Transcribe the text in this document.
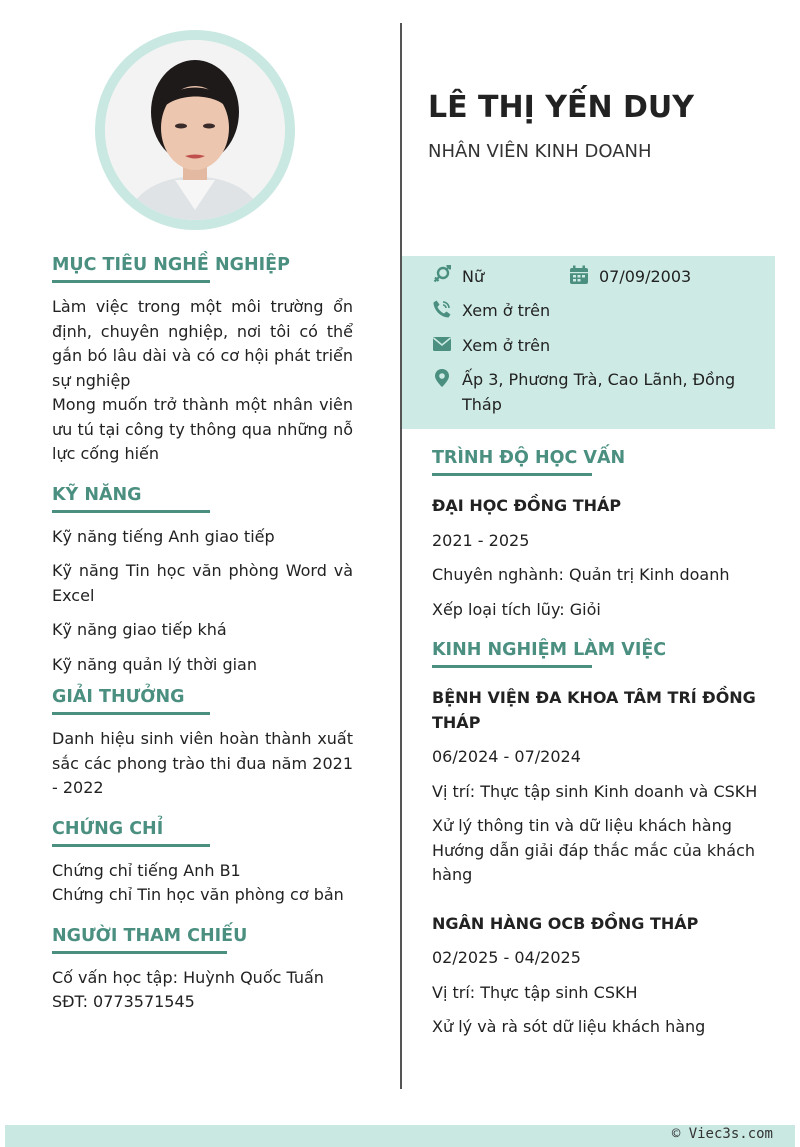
LÊ THỊ YẾN DUY
NHÂN VIÊN KINH DOANH
Nữ	07/09/2003
Xem ở trên
Xem ở trên
Ấp 3, Phương Trà, Cao Lãnh, Đồng Tháp
MỤC TIÊU NGHỀ NGHIỆP
Làm việc trong một môi trường ổn định, chuyên nghiệp, nơi tôi có thể gắn bó lâu dài và có cơ hội phát triển sự nghiệp
Mong muốn trở thành một nhân viên ưu tú tại công ty thông qua những nỗ lực cống hiến
KỸ NĂNG
Kỹ năng tiếng Anh giao tiếp
Kỹ năng Tin học văn phòng Word và Excel
Kỹ năng giao tiếp khá
Kỹ năng quản lý thời gian
GIẢI THƯỞNG
Danh hiệu sinh viên hoàn thành xuất sắc các phong trào thi đua năm 2021 - 2022
CHỨNG CHỈ
Chứng chỉ tiếng Anh B1
Chứng chỉ Tin học văn phòng cơ bản
NGƯỜI THAM CHIẾU
Cố vấn học tập: Huỳnh Quốc Tuấn
SĐT: 0773571545
TRÌNH ĐỘ HỌC VẤN
ĐẠI HỌC ĐỒNG THÁP
2021 - 2025
Chuyên nghành: Quản trị Kinh doanh
Xếp loại tích lũy: Giỏi
KINH NGHIỆM LÀM VIỆC
BỆNH VIỆN ĐA KHOA TÂM TRÍ ĐỒNG THÁP
06/2024 - 07/2024
Vị trí: Thực tập sinh Kinh doanh và CSKH
Xử lý thông tin và dữ liệu khách hàng
Hướng dẫn giải đáp thắc mắc của khách hàng
NGÂN HÀNG OCB ĐỒNG THÁP
02/2025 - 04/2025
Vị trí: Thực tập sinh CSKH
Xử lý và rà sót dữ liệu khách hàng
© Viec3s.com
